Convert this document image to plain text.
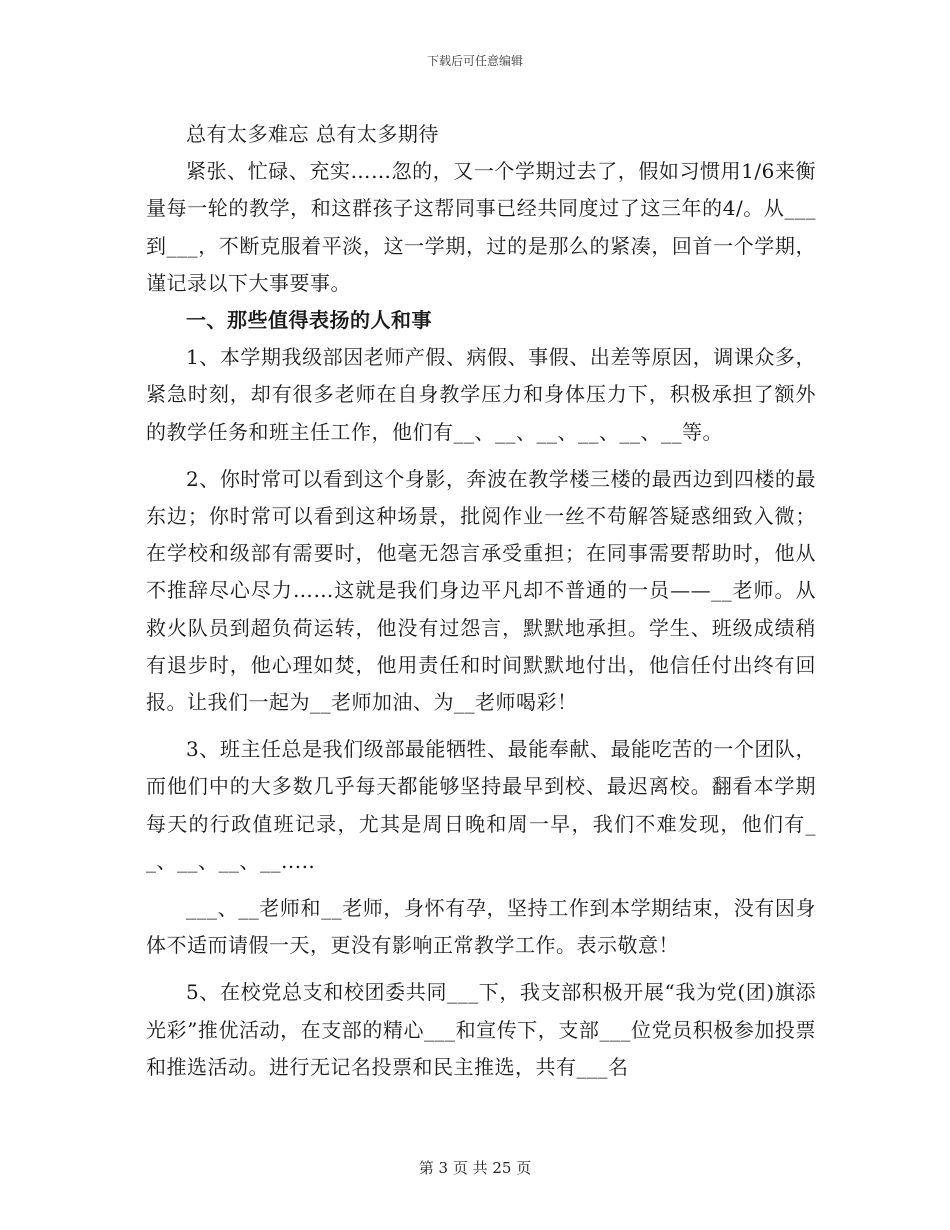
下载后可任意编辑

总有太多难忘 总有太多期待

紧张、忙碌、充实……忽的，又一个学期过去了，假如习惯用1/6来衡量每一轮的教学，和这群孩子这帮同事已经共同度过了这三年的4/。从___到___，不断克服着平淡，这一学期，过的是那么的紧凑，回首一个学期，谨记录以下大事要事。

一、那些值得表扬的人和事

1、本学期我级部因老师产假、病假、事假、出差等原因，调课众多，紧急时刻，却有很多老师在自身教学压力和身体压力下，积极承担了额外的教学任务和班主任工作，他们有__、__、__、__、__、__等。

2、你时常可以看到这个身影，奔波在教学楼三楼的最西边到四楼的最东边；你时常可以看到这种场景，批阅作业一丝不苟解答疑惑细致入微；在学校和级部有需要时，他毫无怨言承受重担；在同事需要帮助时，他从不推辞尽心尽力……这就是我们身边平凡却不普通的一员——__老师。从救火队员到超负荷运转，他没有过怨言，默默地承担。学生、班级成绩稍有退步时，他心理如焚，他用责任和时间默默地付出，他信任付出终有回报。让我们一起为__老师加油、为__老师喝彩！

3、班主任总是我们级部最能牺牲、最能奉献、最能吃苦的一个团队，而他们中的大多数几乎每天都能够坚持最早到校、最迟离校。翻看本学期每天的行政值班记录，尤其是周日晚和周一早，我们不难发现，他们有__、__、__、__.....

___、__老师和__老师，身怀有孕，坚持工作到本学期结束，没有因身体不适而请假一天，更没有影响正常教学工作。表示敬意！

5、在校党总支和校团委共同___下，我支部积极开展“我为党(团)旗添光彩”推优活动，在支部的精心___和宣传下，支部___位党员积极参加投票和推选活动。进行无记名投票和民主推选，共有___名

第 3 页 共 25 页
